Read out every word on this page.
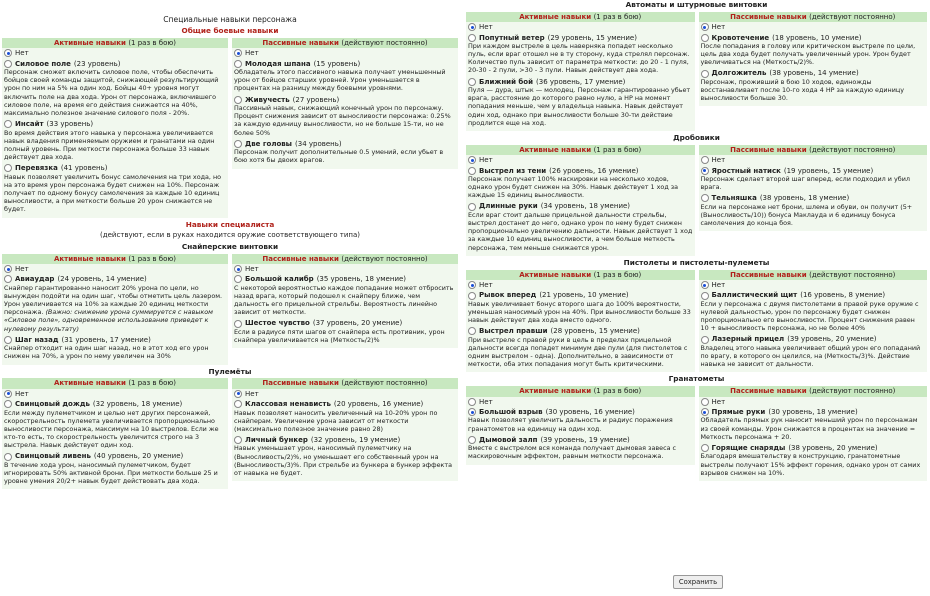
Специальные навыки персонажа
Общие боевые навыки
Активные навыки (1 раз в бою)
Нет
Силовое поле (23 уровень)
Персонаж сможет включить силовое поле, чтобы обеспечить бойцов своей команды защитой, снижающей результирующий урон по ним на 5% на один ход. Бойцы 40+ уровня могут включить поле на два хода. Урон от персонажа, включившего силовое поле, на время его действия снижается на 40%, максимально полезное значение силового поля - 20%.
Инсайт (33 уровень)
Во время действия этого навыка у персонажа увеличивается навык владения применяемым оружием и гранатами на один полный уровень. При меткости персонажа больше 33 навык действует два хода.
Перевязка (41 уровень)
Навык позволяет увеличить бонус самолечения на три хода, но на это время урон персонажа будет снижен на 10%. Персонаж получает по одному бонусу самолечения за каждые 10 единиц выносливости, а при меткости больше 20 урон снижается не будет.
Пассивные навыки (действуют постоянно)
Нет
Молодая шпана (15 уровень)
Обладатель этого пассивного навыка получает уменьшенный урон от бойцов старших уровней. Урон уменьшается в процентах на разницу между боевыми уровнями.
Живучесть (27 уровень)
Пассивный навык, снижающий конечный урон по персонажу. Процент снижения зависит от выносливости персонажа: 0.25% за каждую единицу выносливости, но не больше 15-ти, но не более 50%
Две головы (34 уровень)
Персонаж получит дополнительные 0.5 умений, если убьет в бою хотя бы двоих врагов.
Навыки специалиста
(действуют, если в руках находится оружие соответствующего типа)
Снайперские винтовки
Активные навыки (1 раз в бою)
Нет
Авиаудар (24 уровень, 14 умение)
Снайпер гарантированно наносит 20% урона по цели, но вынужден подойти на один шаг, чтобы отметить цель лазером. Урон увеличивается на 10% за каждые 20 единиц меткости персонажа. (Важно: снижение урона суммируется с навыком «Силовое поле», одновременное использование приведет к нулевому результату)
Шаг назад (31 уровень, 17 умение)
Снайпер отходит на один шаг назад, но в этот ход его урон снижен на 70%, а урон по нему увеличен на 30%
Пассивные навыки (действуют постоянно)
Нет
Большой калибр (35 уровень, 18 умение)
С некоторой вероятностью каждое попадание может отбросить назад врага, который подошел к снайперу ближе, чем дальность его прицельной стрельбы. Вероятность линейно зависит от меткости.
Шестое чувство (37 уровень, 20 умение)
Если в радиусе пяти шагов от снайпера есть противник, урон снайпера увеличивается на (Меткость/2)%
Пулемёты
Активные навыки (1 раз в бою)
Нет
Свинцовый дождь (32 уровень, 18 умение)
Если между пулеметчиком и целью нет других персонажей, скорострельность пулемета увеличивается пропорционально выносливости персонажа, максимум на 10 выстрелов. Если же кто-то есть, то скорострельность увеличится строго на 3 выстрела. Навык действует один ход.
Свинцовый ливень (40 уровень, 20 умение)
В течение хода урон, наносимый пулеметчиком, будет игнорировать 50% активной брони. При меткости больше 25 и уровне умения 20/2+ навык будет действовать два хода.
Пассивные навыки (действуют постоянно)
Нет
Классовая ненависть (20 уровень, 16 умение)
Навык позволяет наносить увеличенный на 10-20% урон по снайперам. Увеличение урона зависит от меткости (максимально полезное значение равно 28)
Личный бункер (32 уровень, 19 умение)
Навык уменьшает урон, наносимый пулеметчику на (Выносливость/2)%, но уменьшает его собственный урон на (Выносливость/3)%. При стрельбе из бункера в бункер эффекта от навыка не будет.
Автоматы и штурмовые винтовки
Активные навыки (1 раз в бою)
Нет
Попутный ветер (29 уровень, 15 умение)
При каждом выстреле в цель наверняка попадет несколько пуль, если враг отошел не в ту сторону, куда стрелял персонаж. Количество пуль зависит от параметра меткости: до 20 - 1 пуля, 20-30 - 2 пули, >30 - 3 пули. Навык действует два хода.
Ближний бой (36 уровень, 17 умение)
Пуля — дура, штык — молодец. Персонаж гарантированно убьет врага, расстояние до которого равно нулю, а НР на момент попадания меньше, чем у владельца навыка. Навык действует один ход, однако при выносливости больше 30-ти действие продлится еще на ход.
Пассивные навыки (действуют постоянно)
Нет
Кровотечение (18 уровень, 10 умение)
После попадания в голову или критическом выстреле по цели, цель два хода будет получать увеличенный урон. Урон будет увеличиваться на (Меткость/2)%.
Долгожитель (38 уровень, 14 умение)
Персонаж, проживший в бою 10 ходов, единожды восстанавливает после 10-го хода 4 НР за каждую единицу выносливости больше 30.
Дробовики
Активные навыки (1 раз в бою)
Нет
Выстрел из тени (26 уровень, 16 умение)
Персонаж получает 100% маскировки на несколько ходов, однако урон будет снижен на 30%. Навык действует 1 ход за каждые 15 единиц выносливости.
Длинные руки (34 уровень, 18 умение)
Если враг стоит дальше прицельной дальности стрельбы, выстрел достанет до него, однако урон по нему будет снижен пропорционально увеличению дальности. Навык действует 1 ход за каждые 10 единиц выносливости, а чем больше меткость персонажа, тем меньше снижается урон.
Пассивные навыки (действуют постоянно)
Нет
Яростный натиск (19 уровень, 15 умение)
Персонаж сделает второй шаг вперед, если подходил и убил врага.
Тельняшка (38 уровень, 18 умение)
Если на персонаже нет брони, шлема и обуви, он получит (5+(Выносливость/10)) бонуса Маклауда и 6 единицу бонуса самолечения до конца боя.
Пистолеты и пистолеты-пулеметы
Активные навыки (1 раз в бою)
Нет
Рывок вперед (21 уровень, 10 умение)
Навык увеличивает бонус второго шага до 100% вероятности, уменьшая наносимый урон на 40%. При выносливости больше 33 навык действует два хода вместо одного.
Выстрел правши (28 уровень, 15 умение)
При выстреле с правой руки в цель в пределах прицельной дальности всегда попадет минимум две пули (для пистолетов с одним выстрелом - одна). Дополнительно, в зависимости от меткости, оба этих попадания могут быть критическими.
Пассивные навыки (действуют постоянно)
Нет
Баллистический щит (16 уровень, 8 умение)
Если у персонажа с двумя пистолетами в правой руке оружие с нулевой дальностью, урон по персонажу будет снижен пропорционально его выносливости. Процент снижения равен 10 + выносливость персонажа, но не более 40%
Лазерный прицел (39 уровень, 20 умение)
Владелец этого навыка увеличивает общий урон его попаданий по врагу, в которого он целился, на (Меткость/3)%. Действие навыка не зависит от дальности.
Гранатометы
Активные навыки (1 раз в бою)
Нет
Большой взрыв (30 уровень, 16 умение)
Навык позволяет увеличить дальность и радиус поражения гранатометов на единицу на один ход.
Дымовой залп (39 уровень, 19 умение)
Вместе с выстрелом вся команда получает дымовая завеса с маскировочным эффектом, равным меткости персонажа.
Пассивные навыки (действуют постоянно)
Нет
Прямые руки (30 уровень, 18 умение)
Обладатель прямых рук наносит меньший урон по персонажам из своей команды. Урон снижается в процентах на значение = Меткость персонажа + 20.
Горящие снаряды (38 уровень, 20 умение)
Благодаря вмешательству в конструкцию, гранатометные выстрелы получают 15% эффект горения, однако урон от самих взрывов снижен на 10%.
Сохранить
